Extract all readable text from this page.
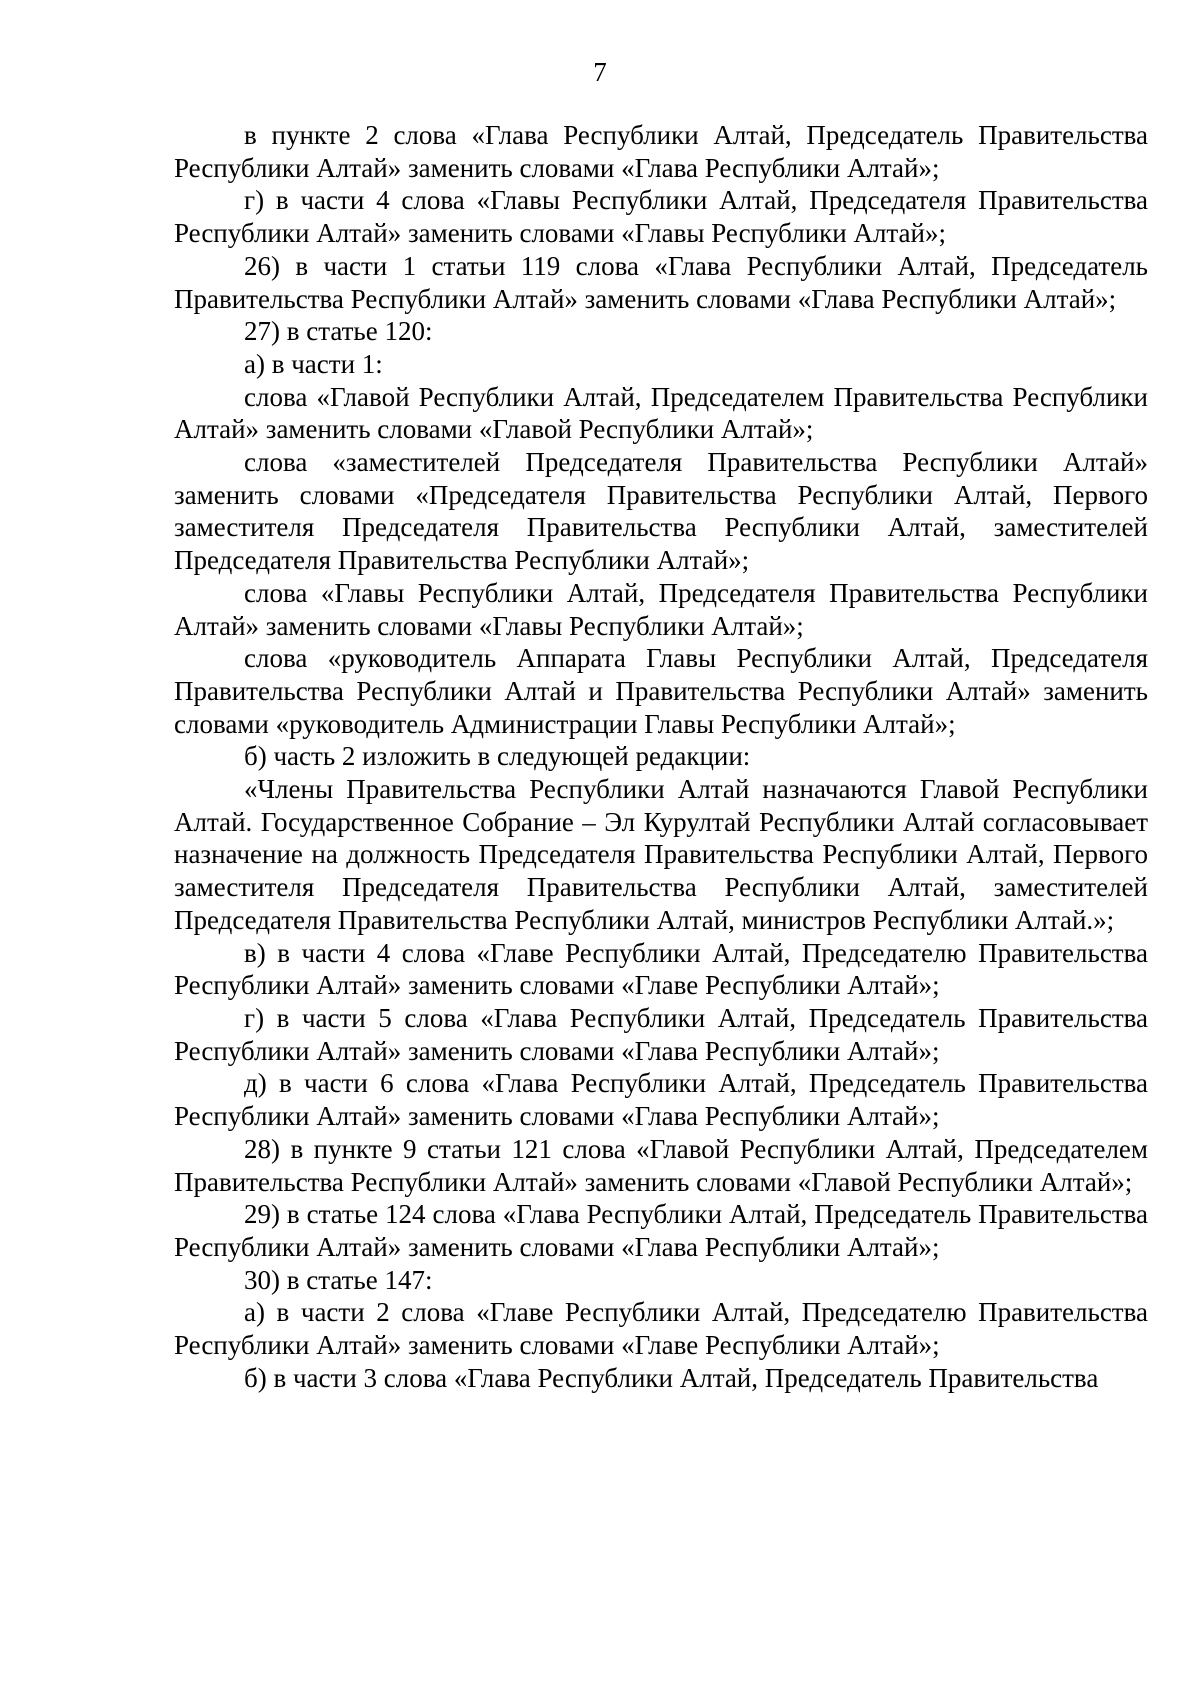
7

в пункте 2 слова «Глава Республики Алтай, Председатель Правительства Республики Алтай» заменить словами «Глава Республики Алтай»;

г) в части 4 слова «Главы Республики Алтай, Председателя Правительства Республики Алтай» заменить словами «Главы Республики Алтай»;

26) в части 1 статьи 119 слова «Глава Республики Алтай, Председатель Правительства Республики Алтай» заменить словами «Глава Республики Алтай»;

27) в статье 120:

а) в части 1:

слова «Главой Республики Алтай, Председателем Правительства Республики Алтай» заменить словами «Главой Республики Алтай»;

слова «заместителей Председателя Правительства Республики Алтай» заменить словами «Председателя Правительства Республики Алтай, Первого заместителя Председателя Правительства Республики Алтай, заместителей Председателя Правительства Республики Алтай»;

слова «Главы Республики Алтай, Председателя Правительства Республики Алтай» заменить словами «Главы Республики Алтай»;

слова «руководитель Аппарата Главы Республики Алтай, Председателя Правительства Республики Алтай и Правительства Республики Алтай» заменить словами «руководитель Администрации Главы Республики Алтай»;

б) часть 2 изложить в следующей редакции:

«Члены Правительства Республики Алтай назначаются Главой Республики Алтай. Государственное Собрание – Эл Курултай Республики Алтай согласовывает назначение на должность Председателя Правительства Республики Алтай, Первого заместителя Председателя Правительства Республики Алтай, заместителей Председателя Правительства Республики Алтай, министров Республики Алтай.»;

в) в части 4 слова «Главе Республики Алтай, Председателю Правительства Республики Алтай» заменить словами «Главе Республики Алтай»;

г) в части 5 слова «Глава Республики Алтай, Председатель Правительства Республики Алтай» заменить словами «Глава Республики Алтай»;

д) в части 6 слова «Глава Республики Алтай, Председатель Правительства Республики Алтай» заменить словами «Глава Республики Алтай»;

28) в пункте 9 статьи 121 слова «Главой Республики Алтай, Председателем Правительства Республики Алтай» заменить словами «Главой Республики Алтай»;

29) в статье 124 слова «Глава Республики Алтай, Председатель Правительства Республики Алтай» заменить словами «Глава Республики Алтай»;

30) в статье 147:

а) в части 2 слова «Главе Республики Алтай, Председателю Правительства Республики Алтай» заменить словами «Главе Республики Алтай»;

б) в части 3 слова «Глава Республики Алтай, Председатель Правительства
